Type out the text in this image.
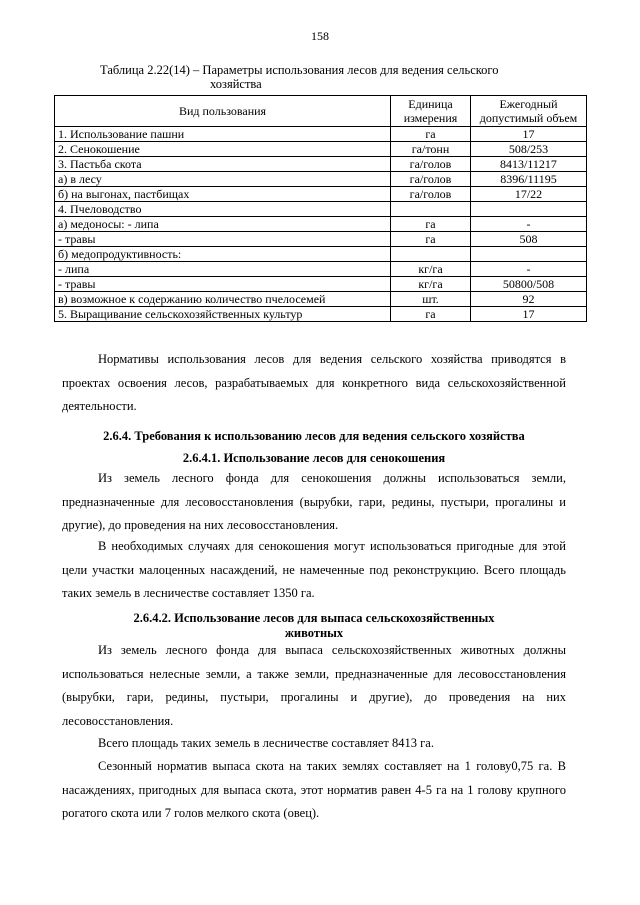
158
Таблица 2.22(14) – Параметры использования лесов для ведения сельского
хозяйства
Вид пользования	Единица измерения	Ежегодный допустимый объем
1. Использование пашни	га	17
2. Сенокошение	га/тонн	508/253
3. Пастьба скота	га/голов	8413/11217
а) в лесу	га/голов	8396/11195
б) на выгонах, пастбищах	га/голов	17/22
4. Пчеловодство		
а) медоносы: - липа	га	-
- травы	га	508
б) медопродуктивность:		
- липа	кг/га	-
- травы	кг/га	50800/508
в) возможное к содержанию количество пчелосемей	шт.	92
5. Выращивание сельскохозяйственных культур	га	17
Нормативы использования лесов для ведения сельского хозяйства приводятся в проектах освоения лесов, разрабатываемых для конкретного вида сельскохозяйственной деятельности.
2.6.4. Требования к использованию лесов для ведения сельского хозяйства
2.6.4.1. Использование лесов для сенокошения
Из земель лесного фонда для сенокошения должны использоваться земли, предназначенные для лесовосстановления (вырубки, гари, редины, пустыри, прогалины и другие), до проведения на них лесовосстановления.
В необходимых случаях для сенокошения могут использоваться пригодные для этой цели участки малоценных насаждений, не намеченные под реконструкцию. Всего площадь таких земель в лесничестве составляет 1350 га.
2.6.4.2. Использование лесов для выпаса сельскохозяйственных
животных
Из земель лесного фонда для выпаса сельскохозяйственных животных должны использоваться нелесные земли, а также земли, предназначенные для лесовосстановления (вырубки, гари, редины, пустыри, прогалины и другие), до проведения на них лесовосстановления.
Всего площадь таких земель в лесничестве составляет 8413 га.
Сезонный норматив выпаса скота на таких землях составляет на 1 голову0,75 га. В насаждениях, пригодных для выпаса скота, этот норматив равен 4-5 га на 1 голову крупного рогатого скота или 7 голов мелкого скота (овец).
